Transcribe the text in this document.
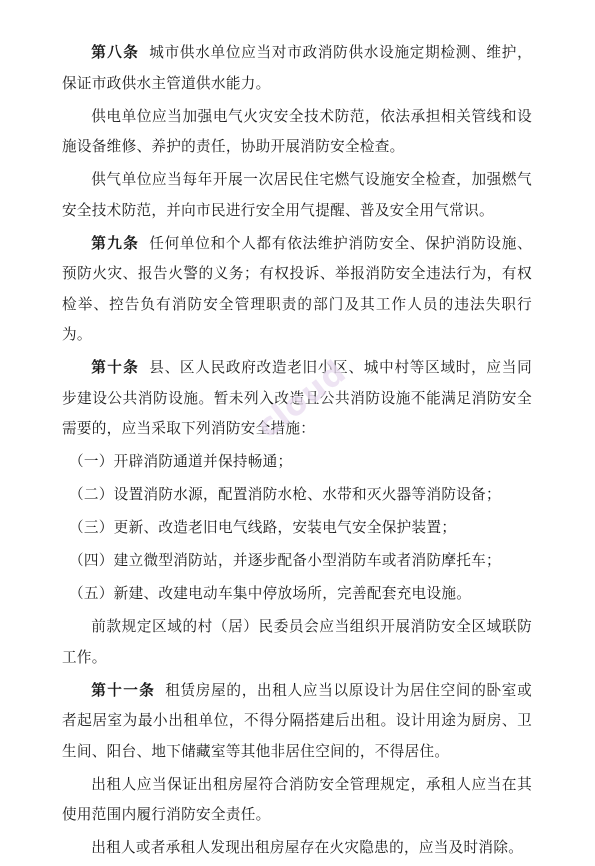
第八条 城市供水单位应当对市政消防供水设施定期检测、维护，保证市政供水主管道供水能力。

供电单位应当加强电气火灾安全技术防范，依法承担相关管线和设施设备维修、养护的责任，协助开展消防安全检查。

供气单位应当每年开展一次居民住宅燃气设施安全检查，加强燃气安全技术防范，并向市民进行安全用气提醒、普及安全用气常识。

第九条 任何单位和个人都有依法维护消防安全、保护消防设施、预防火灾、报告火警的义务；有权投诉、举报消防安全违法行为，有权检举、控告负有消防安全管理职责的部门及其工作人员的违法失职行为。

第十条 县、区人民政府改造老旧小区、城中村等区域时，应当同步建设公共消防设施。暂未列入改造且公共消防设施不能满足消防安全需要的，应当采取下列消防安全措施：

（一）开辟消防通道并保持畅通；

（二）设置消防水源，配置消防水枪、水带和灭火器等消防设备；

（三）更新、改造老旧电气线路，安装电气安全保护装置；

（四）建立微型消防站，并逐步配备小型消防车或者消防摩托车；

（五）新建、改建电动车集中停放场所，完善配套充电设施。

前款规定区域的村（居）民委员会应当组织开展消防安全区域联防工作。

第十一条 租赁房屋的，出租人应当以原设计为居住空间的卧室或者起居室为最小出租单位，不得分隔搭建后出租。设计用途为厨房、卫生间、阳台、地下储藏室等其他非居住空间的，不得居住。

出租人应当保证出租房屋符合消防安全管理规定，承租人应当在其使用范围内履行消防安全责任。

出租人或者承租人发现出租房屋存在火灾隐患的，应当及时消除。

cloud
